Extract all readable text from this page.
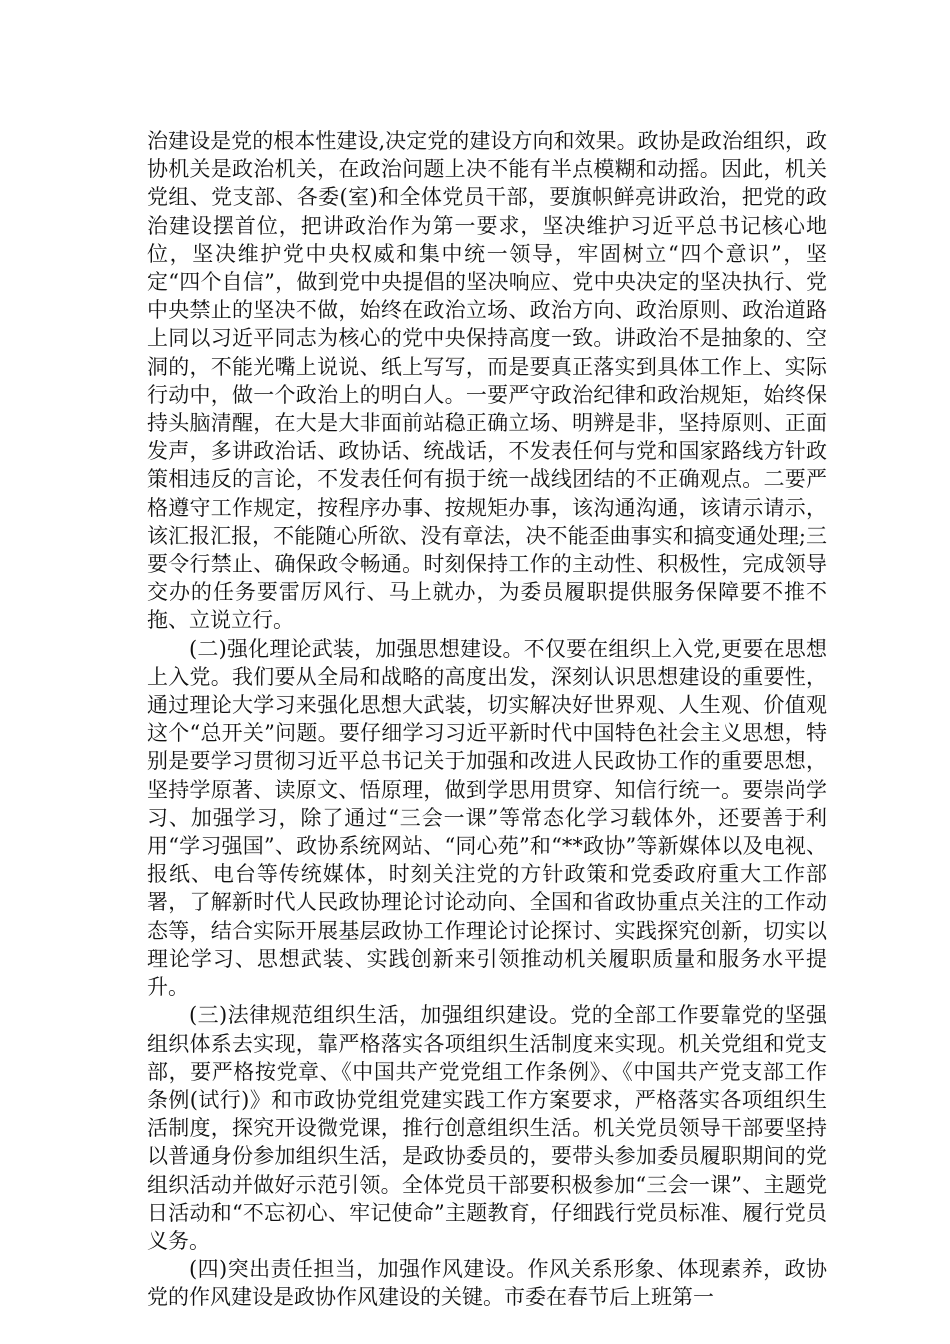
治建设是党的根本性建设,决定党的建设方向和效果。政协是政治组织，政协机关是政治机关，在政治问题上决不能有半点模糊和动摇。因此，机关党组、党支部、各委(室)和全体党员干部，要旗帜鲜亮讲政治，把党的政治建设摆首位，把讲政治作为第一要求，坚决维护习近平总书记核心地位，坚决维护党中央权威和集中统一领导，牢固树立“四个意识”，坚定“四个自信”，做到党中央提倡的坚决响应、党中央决定的坚决执行、党中央禁止的坚决不做，始终在政治立场、政治方向、政治原则、政治道路上同以习近平同志为核心的党中央保持高度一致。讲政治不是抽象的、空洞的，不能光嘴上说说、纸上写写，而是要真正落实到具体工作上、实际行动中，做一个政治上的明白人。一要严守政治纪律和政治规矩，始终保持头脑清醒，在大是大非面前站稳正确立场、明辨是非，坚持原则、正面发声，多讲政治话、政协话、统战话，不发表任何与党和国家路线方针政策相违反的言论，不发表任何有损于统一战线团结的不正确观点。二要严格遵守工作规定，按程序办事、按规矩办事，该沟通沟通，该请示请示，该汇报汇报，不能随心所欲、没有章法，决不能歪曲事实和搞变通处理;三要令行禁止、确保政令畅通。时刻保持工作的主动性、积极性，完成领导交办的任务要雷厉风行、马上就办，为委员履职提供服务保障要不推不拖、立说立行。

(二)强化理论武装，加强思想建设。不仅要在组织上入党,更要在思想上入党。我们要从全局和战略的高度出发，深刻认识思想建设的重要性，通过理论大学习来强化思想大武装，切实解决好世界观、人生观、价值观这个“总开关”问题。要仔细学习习近平新时代中国特色社会主义思想，特别是要学习贯彻习近平总书记关于加强和改进人民政协工作的重要思想，坚持学原著、读原文、悟原理，做到学思用贯穿、知信行统一。要崇尚学习、加强学习，除了通过“三会一课”等常态化学习载体外，还要善于利用“学习强国”、政协系统网站、“同心苑”和“**政协”等新媒体以及电视、报纸、电台等传统媒体，时刻关注党的方针政策和党委政府重大工作部署，了解新时代人民政协理论讨论动向、全国和省政协重点关注的工作动态等，结合实际开展基层政协工作理论讨论探讨、实践探究创新，切实以理论学习、思想武装、实践创新来引领推动机关履职质量和服务水平提升。

(三)法律规范组织生活，加强组织建设。党的全部工作要靠党的坚强组织体系去实现，靠严格落实各项组织生活制度来实现。机关党组和党支部，要严格按党章、《中国共产党党组工作条例》、《中国共产党支部工作条例(试行)》和市政协党组党建实践工作方案要求，严格落实各项组织生活制度，探究开设微党课，推行创意组织生活。机关党员领导干部要坚持以普通身份参加组织生活，是政协委员的，要带头参加委员履职期间的党组织活动并做好示范引领。全体党员干部要积极参加“三会一课”、主题党日活动和“不忘初心、牢记使命”主题教育，仔细践行党员标准、履行党员义务。

(四)突出责任担当，加强作风建设。作风关系形象、体现素养，政协党的作风建设是政协作风建设的关键。市委在春节后上班第一
